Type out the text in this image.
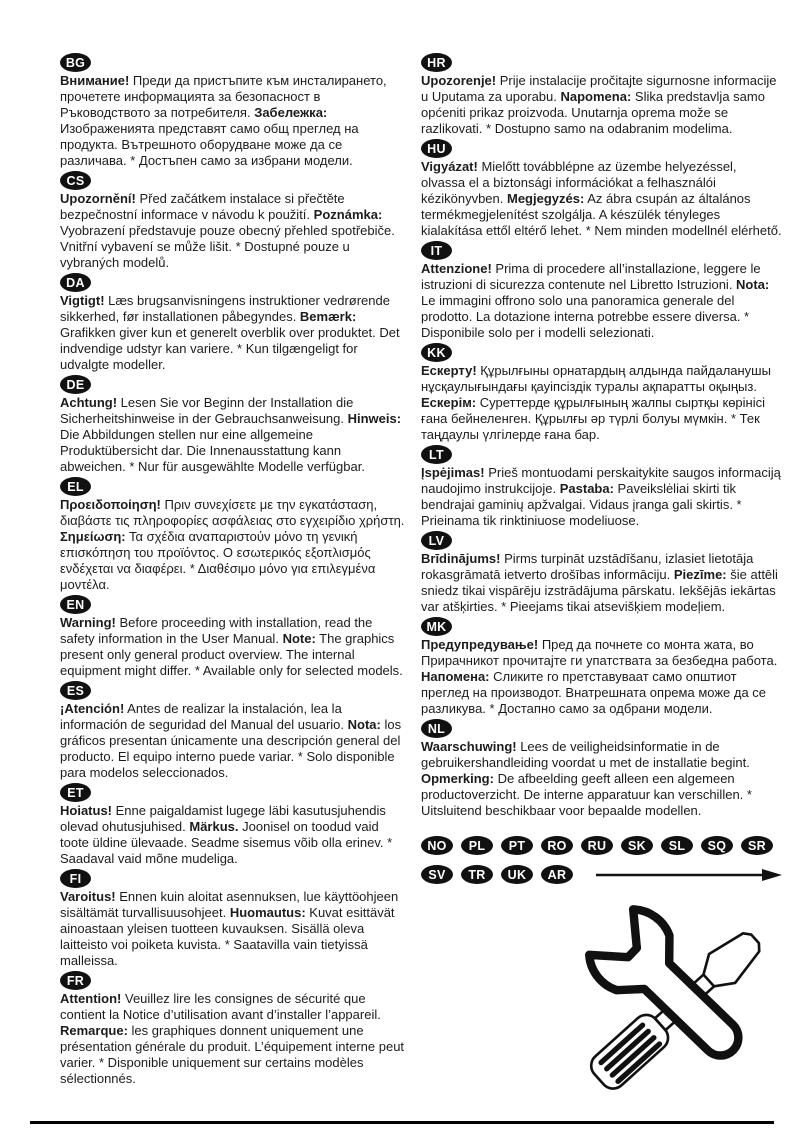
BG

Внимание! Преди да пристъпите към инсталирането, прочетете информацията за безопасност в Ръководството за потребителя. Забележка: Изображенията представят само общ преглед на продукта. Вътрешното оборудване може да се различава. * Достъпен само за избрани модели.

CS

Upozornění! Před začátkem instalace si přečtěte bezpečnostní informace v návodu k použití. Poznámka: Vyobrazení představuje pouze obecný přehled spotřebiče. Vnitřní vybavení se může lišit. * Dostupné pouze u vybraných modelů.

DA

Vigtigt! Læs brugsanvisningens instruktioner vedrørende sikkerhed, før installationen påbegyndes. Bemærk: Grafikken giver kun et generelt overblik over produktet. Det indvendige udstyr kan variere. * Kun tilgængeligt for udvalgte modeller.

DE

Achtung! Lesen Sie vor Beginn der Installation die Sicherheitshinweise in der Gebrauchsanweisung. Hinweis: Die Abbildungen stellen nur eine allgemeine Produktübersicht dar. Die Innenausstattung kann abweichen. * Nur für ausgewählte Modelle verfügbar.

EL

Προειδοποίηση! Πριν συνεχίσετε με την εγκατάσταση, διαβάστε τις πληροφορίες ασφάλειας στο εγχειρίδιο χρήστη. Σημείωση: Τα σχέδια αναπαριστούν μόνο τη γενική επισκόπηση του προϊόντος. Ο εσωτερικός εξοπλισμός ενδέχεται να διαφέρει. * Διαθέσιμο μόνο για επιλεγμένα μοντέλα.

EN

Warning! Before proceeding with installation, read the safety information in the User Manual. Note: The graphics present only general product overview. The internal equipment might differ. * Available only for selected models.

ES

¡Atención! Antes de realizar la instalación, lea la información de seguridad del Manual del usuario. Nota: los gráficos presentan únicamente una descripción general del producto. El equipo interno puede variar. * Solo disponible para modelos seleccionados.

ET

Hoiatus! Enne paigaldamist lugege läbi kasutusjuhendis olevad ohutusjuhised. Märkus. Joonisel on toodud vaid toote üldine ülevaade. Seadme sisemus võib olla erinev. * Saadaval vaid mõne mudeliga.

FI

Varoitus! Ennen kuin aloitat asennuksen, lue käyttöohjeen sisältämät turvallisuusohjeet. Huomautus: Kuvat esittävät ainoastaan yleisen tuotteen kuvauksen. Sisällä oleva laitteisto voi poiketa kuvista. * Saatavilla vain tietyissä malleissa.

FR

Attention! Veuillez lire les consignes de sécurité que contient la Notice d’utilisation avant d’installer l’appareil. Remarque: les graphiques donnent uniquement une présentation générale du produit. L’équipement interne peut varier. * Disponible uniquement sur certains modèles sélectionnés.

HR

Upozorenje! Prije instalacije pročitajte sigurnosne informacije u Uputama za uporabu. Napomena: Slika predstavlja samo općeniti prikaz proizvoda. Unutarnja oprema može se razlikovati. * Dostupno samo na odabranim modelima.

HU

Vigyázat! Mielőtt továbblépne az üzembe helyezéssel, olvassa el a biztonsági információkat a felhasználói kézikönyvben. Megjegyzés: Az ábra csupán az általános termékmegjelenítést szolgálja. A készülék tényleges kialakítása ettől eltérő lehet. * Nem minden modellnél elérhető.

IT

Attenzione! Prima di procedere all’installazione, leggere le istruzioni di sicurezza contenute nel Libretto Istruzioni. Nota: Le immagini offrono solo una panoramica generale del prodotto. La dotazione interna potrebbe essere diversa. * Disponibile solo per i modelli selezionati.

KK

Ескерту! Құрылғыны орнатардың алдында пайдаланушы нұсқаулығындағы қауіпсіздік туралы ақпаратты оқыңыз. Ескерім: Суреттерде құрылғының жалпы сыртқы көрінісі ғана бейнеленген. Құрылғы әр түрлі болуы мүмкін. * Тек таңдаулы үлгілерде ғана бар.

LT

Įspėjimas! Prieš montuodami perskaitykite saugos informaciją naudojimo instrukcijoje. Pastaba: Paveikslėliai skirti tik bendrajai gaminių apžvalgai. Vidaus įranga gali skirtis. * Prieinama tik rinktiniuose modeliuose.

LV

Brīdinājums! Pirms turpināt uzstādīšanu, izlasiet lietotāja rokasgrāmatā ietverto drošības informāciju. Piezīme: šie attēli sniedz tikai vispārēju izstrādājuma pārskatu. Iekšējās iekārtas var atšķirties. * Pieejams tikai atsevišķiem modeļiem.

MK

Предупредување! Пред да почнете со монта жата, во Прирачникот прочитајте ги упатствата за безбедна работа. Напомена: Сликите го претставуваат само општиот преглед на производот. Внатрешната опрема може да се разликува. * Достапно само за одбрани модели.

NL

Waarschuwing! Lees de veiligheidsinformatie in de gebruikershandleiding voordat u met de installatie begint. Opmerking: De afbeelding geeft alleen een algemeen productoverzicht. De interne apparatuur kan verschillen. * Uitsluitend beschikbaar voor bepaalde modellen.

NO	PL	PT	RO	RU	SK	SL	SQ	SR
SV	TR	UK	AR
